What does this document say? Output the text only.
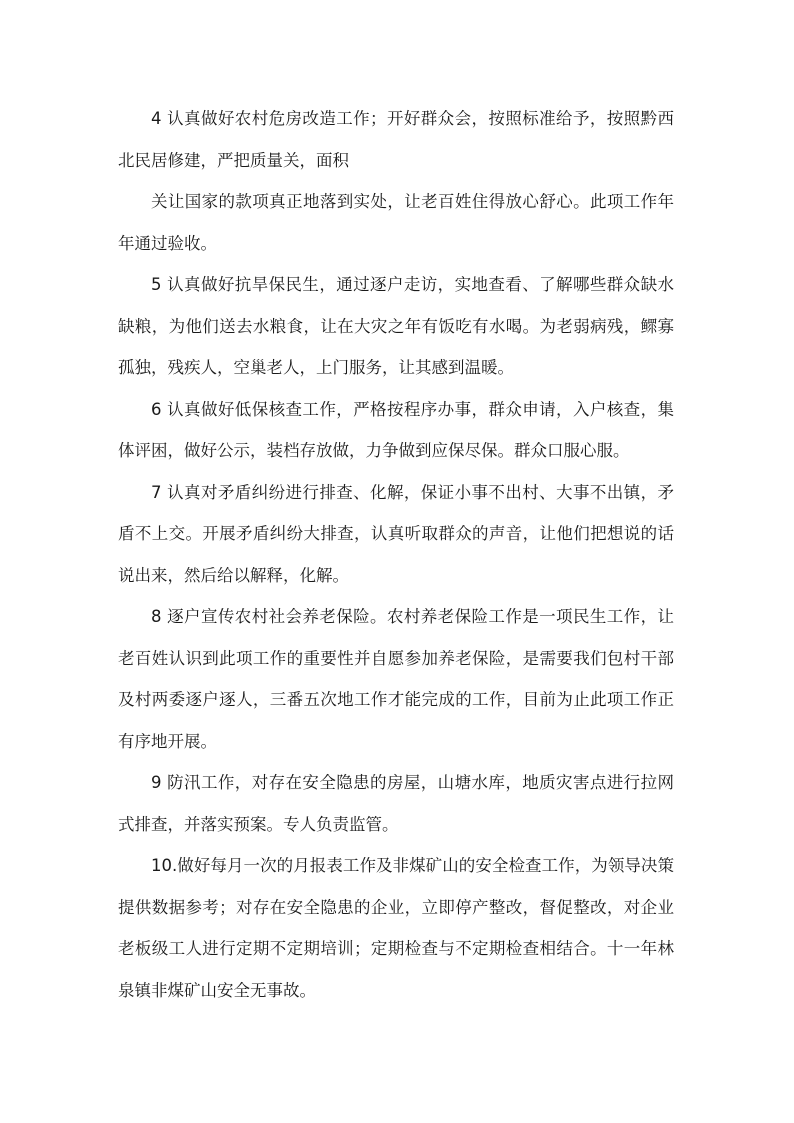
4 认真做好农村危房改造工作；开好群众会，按照标准给予，按照黔西北民居修建，严把质量关，面积

关让国家的款项真正地落到实处，让老百姓住得放心舒心。此项工作年年通过验收。

5 认真做好抗旱保民生，通过逐户走访，实地查看、了解哪些群众缺水缺粮，为他们送去水粮食，让在大灾之年有饭吃有水喝。为老弱病残，鳏寡孤独，残疾人，空巢老人，上门服务，让其感到温暖。

6 认真做好低保核查工作，严格按程序办事，群众申请，入户核查，集体评困，做好公示，装档存放做，力争做到应保尽保。群众口服心服。

7 认真对矛盾纠纷进行排查、化解，保证小事不出村、大事不出镇，矛盾不上交。开展矛盾纠纷大排查，认真听取群众的声音，让他们把想说的话说出来，然后给以解释，化解。

8 逐户宣传农村社会养老保险。农村养老保险工作是一项民生工作，让老百姓认识到此项工作的重要性并自愿参加养老保险，是需要我们包村干部及村两委逐户逐人，三番五次地工作才能完成的工作，目前为止此项工作正有序地开展。

9 防汛工作，对存在安全隐患的房屋，山塘水库，地质灾害点进行拉网式排查，并落实预案。专人负责监管。

10.做好每月一次的月报表工作及非煤矿山的安全检查工作，为领导决策提供数据参考；对存在安全隐患的企业，立即停产整改，督促整改，对企业老板级工人进行定期不定期培训；定期检查与不定期检查相结合。十一年林泉镇非煤矿山安全无事故。
